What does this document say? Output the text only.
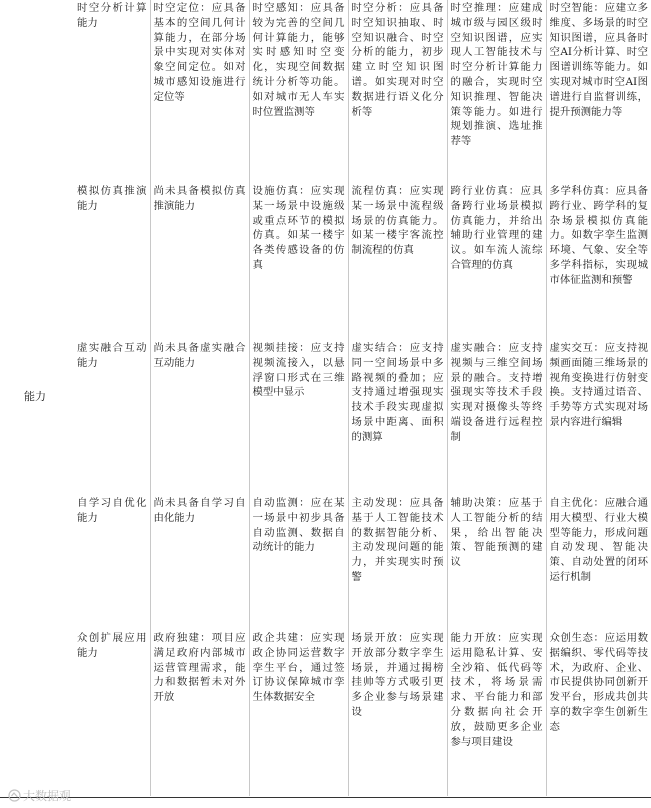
时空分析计算能力	时空定位：应具备基本的空间几何计算能力，在部分场景中实现对实体对象空间定位。如对城市感知设施进行定位等	时空感知：应具备较为完善的空间几何计算能力，能够实时感知时空变化，实现空间数据统计分析等功能。如对城市无人车实时位置监测等	时空分析：应具备时空知识抽取、时空知识融合、时空分析的能力，初步建立时空知识图谱。如实现对时空数据进行语义化分析等	时空推理：应建成城市级与园区级时空知识图谱，应实现人工智能技术与时空分析计算能力的融合，实现时空知识推理、智能决策等能力。如进行规划推演、选址推荐等	时空智能：应建立多维度、多场景的时空知识图谱，应具备时空AI分析计算、时空图谱训练等能力。如实现对城市时空AI图谱进行自监督训练，提升预测能力等
模拟仿真推演能力	尚未具备模拟仿真推演能力	设施仿真：应实现某一场景中设施级或重点环节的模拟仿真。如某一楼宇各类传感设备的仿真	流程仿真：应实现某一场景中流程级场景的仿真能力。如某一楼宇客流控制流程的仿真	跨行业仿真：应具备跨行业场景模拟仿真能力，并给出辅助行业管理的建议。如车流人流综合管理的仿真	多学科仿真：应具备跨行业、跨学科的复杂场景模拟仿真能力。如数字孪生监测环境、气象、安全等多学科指标，实现城市体征监测和预警
虚实融合互动能力	尚未具备虚实融合互动能力	视频挂接：应支持视频流接入，以悬浮窗口形式在三维模型中显示	虚实结合：应支持同一空间场景中多路视频的叠加；应支持通过增强现实技术手段实现虚拟场景中距离、面积的测算	虚实融合：应支持视频与三维空间场景的融合。支持增强现实等技术手段实现对摄像头等终端设备进行远程控制	虚实交互：应支持视频画面随三维场景的视角变换进行仿射变换。支持通过语音、手势等方式实现对场景内容进行编辑
自学习自优化能力	尚未具备自学习自由化能力	自动监测：应在某一场景中初步具备自动监测、数据自动统计的能力	主动发现：应具备基于人工智能技术的数据智能分析、主动发现问题的能力，并实现实时预警	辅助决策：应基于人工智能分析的结果，给出智能决策、智能预测的建议	自主优化：应融合通用大模型、行业大模型等能力，形成问题自动发现、智能决策、自动处置的闭环运行机制
众创扩展应用能力	政府独建：项目应满足政府内部城市运营管理需求，能力和数据暂未对外开放	政企共建：应实现政企协同运营数字孪生平台，通过签订协议保障城市孪生体数据安全	场景开放：应实现开放部分数字孪生场景，并通过揭榜挂帅等方式吸引更多企业参与场景建设	能力开放：应实现运用隐私计算、安全沙箱、低代码等技术，将场景需求、平台能力和部分数据向社会开放，鼓励更多企业参与项目建设	众创生态：应运用数据编织、零代码等技术，为政府、企业、市民提供协同创新开发平台，形成共创共享的数字孪生创新生态
能力
大数据观
